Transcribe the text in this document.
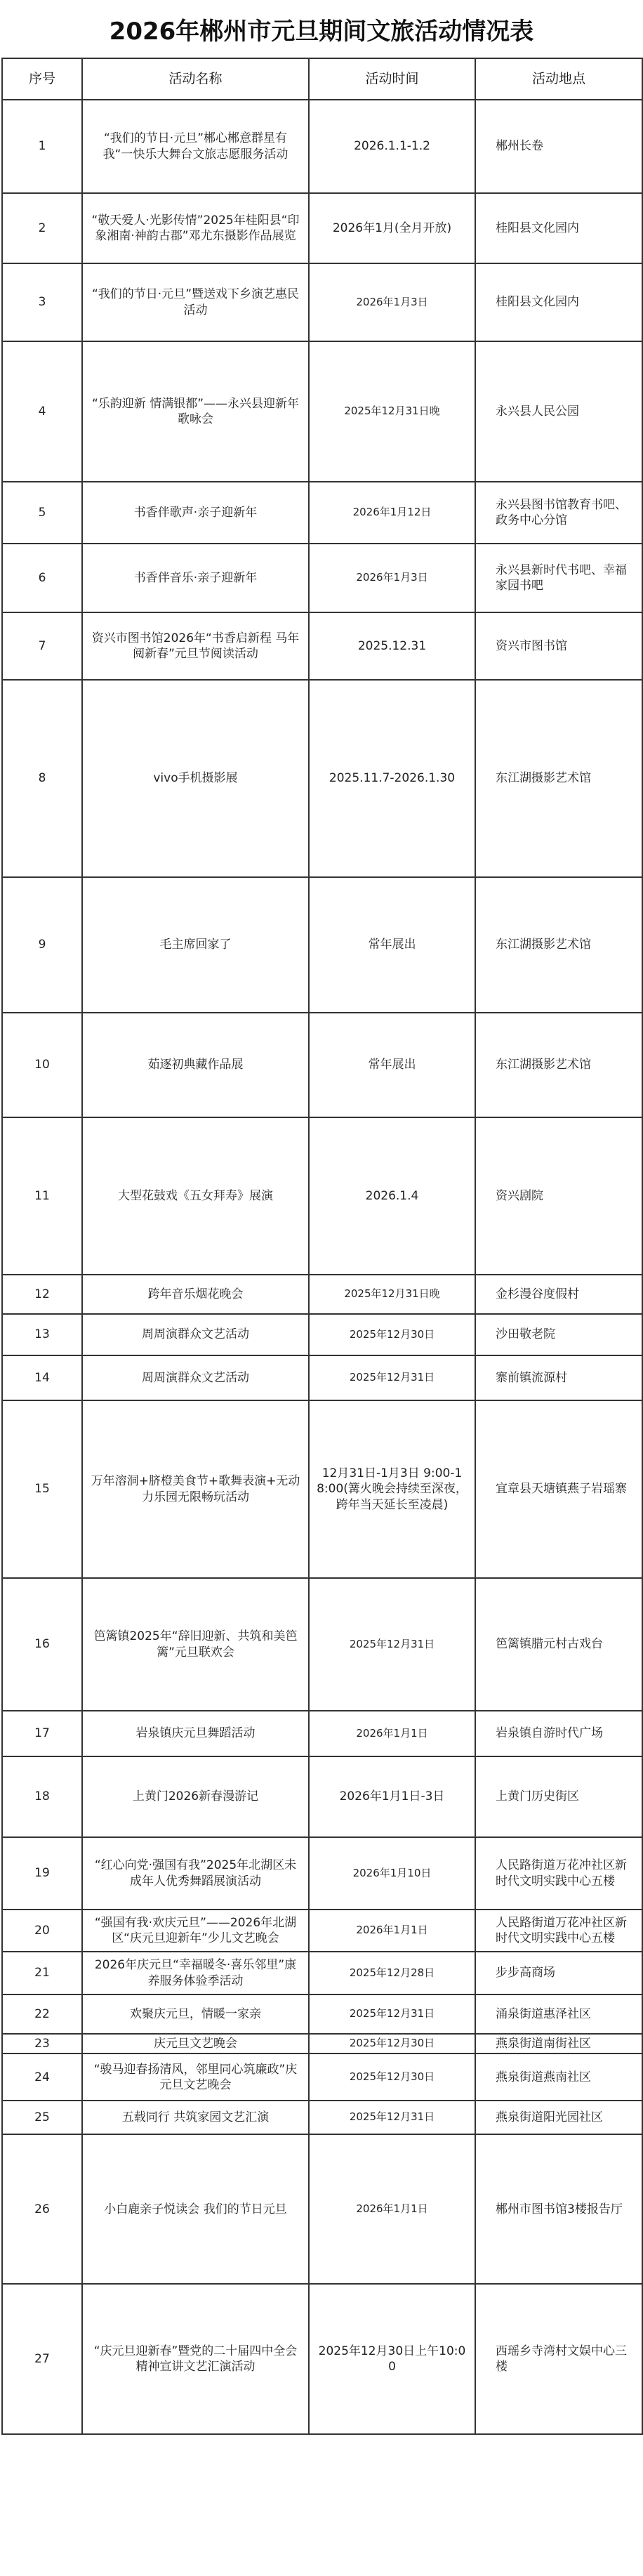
2026年郴州市元旦期间文旅活动情况表
序号	活动名称	活动时间	活动地点
1	“我们的节日·元旦”郴心郴意群星有我“一快乐大舞台文旅志愿服务活动	2026.1.1-1.2	郴州长卷
2	“敬天爱人·光影传情”2025年桂阳县“印象湘南·神韵古郡”邓尤东摄影作品展览	2026年1月(全月开放)	桂阳县文化园内
3	“我们的节日·元旦”暨送戏下乡演艺惠民活动	2026年1月3日	桂阳县文化园内
4	“乐韵迎新 情满银都”——永兴县迎新年歌咏会	2025年12月31日晚	永兴县人民公园
5	书香伴歌声·亲子迎新年	2026年1月12日	永兴县图书馆教育书吧、政务中心分馆
6	书香伴音乐·亲子迎新年	2026年1月3日	永兴县新时代书吧、幸福家园书吧
7	资兴市图书馆2026年“书香启新程 马年阅新春”元旦节阅读活动	2025.12.31	资兴市图书馆
8	vivo手机摄影展	2025.11.7-2026.1.30	东江湖摄影艺术馆
9	毛主席回家了	常年展出	东江湖摄影艺术馆
10	茹逐初典藏作品展	常年展出	东江湖摄影艺术馆
11	大型花鼓戏《五女拜寿》展演	2026.1.4	资兴剧院
12	跨年音乐烟花晚会	2025年12月31日晚	金杉漫谷度假村
13	周周演群众文艺活动	2025年12月30日	沙田敬老院
14	周周演群众文艺活动	2025年12月31日	寨前镇流源村
15	万年溶洞+脐橙美食节+歌舞表演+无动力乐园无限畅玩活动	12月31日-1月3日 9:00-18:00(篝火晚会持续至深夜，跨年当天延长至凌晨)	宜章县天塘镇燕子岩瑶寨
16	笆篱镇2025年“辞旧迎新、共筑和美笆篱”元旦联欢会	2025年12月31日	笆篱镇腊元村古戏台
17	岩泉镇庆元旦舞蹈活动	2026年1月1日	岩泉镇自游时代广场
18	上黄门2026新春漫游记	2026年1月1日-3日	上黄门历史街区
19	“红心向党·强国有我”2025年北湖区未成年人优秀舞蹈展演活动	2026年1月10日	人民路街道万花冲社区新时代文明实践中心五楼
20	“强国有我·欢庆元旦”——2026年北湖区“庆元旦迎新年”少儿文艺晚会	2026年1月1日	人民路街道万花冲社区新时代文明实践中心五楼
21	2026年庆元旦“幸福暖冬·喜乐邻里”康养服务体验季活动	2025年12月28日	步步高商场
22	欢聚庆元旦，情暖一家亲	2025年12月31日	涌泉街道惠泽社区
23	庆元旦文艺晚会	2025年12月30日	燕泉街道南街社区
24	“骏马迎春扬清风，邻里同心筑廉政”庆元旦文艺晚会	2025年12月30日	燕泉街道燕南社区
25	五载同行 共筑家园文艺汇演	2025年12月31日	燕泉街道阳光园社区
26	小白鹿亲子悦读会 我们的节日元旦	2026年1月1日	郴州市图书馆3楼报告厅
27	“庆元旦迎新春”暨党的二十届四中全会精神宣讲文艺汇演活动	2025年12月30日上午10:00	西瑶乡寺湾村文娱中心三楼
